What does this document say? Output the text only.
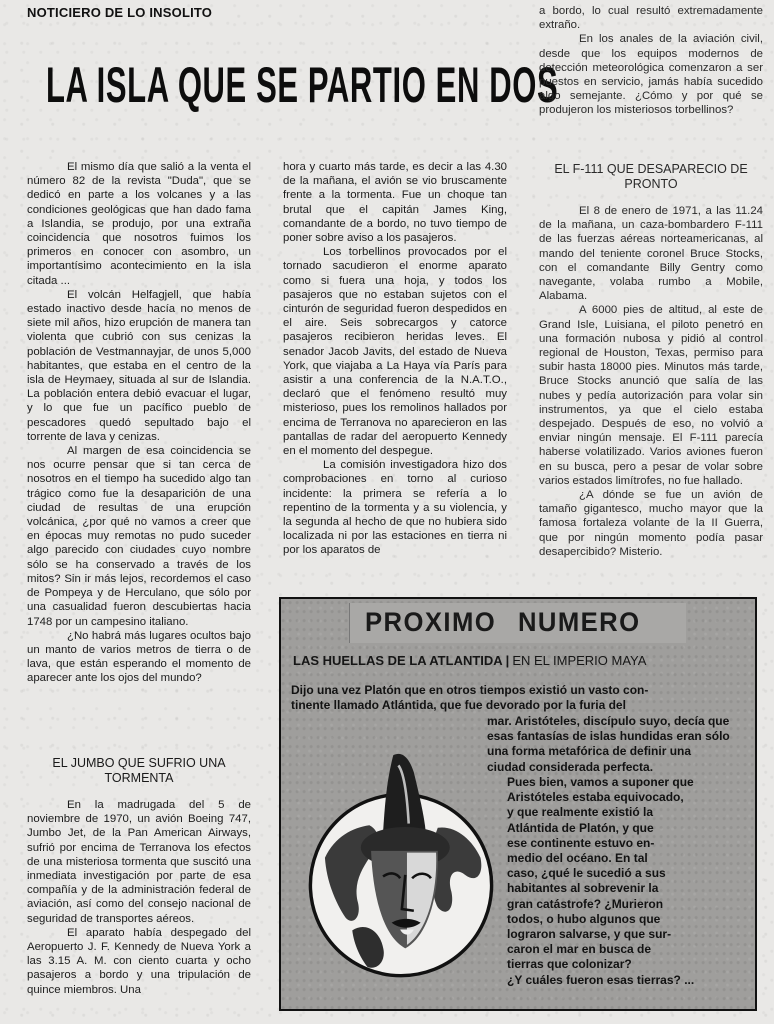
NOTICIERO DE LO INSOLITO
LA ISLA QUE SE PARTIO EN DOS

El mismo día que salió a la venta el número 82 de la revista "Duda", que se dedicó en parte a los volcanes y a las condiciones geológicas que han dado fama a Islandia, se produjo, por una extraña coincidencia que nosotros fuimos los primeros en conocer con asombro, un importantísimo acontecimiento en la isla citada ...

El volcán Helfagjell, que había estado inactivo desde hacía no menos de siete mil años, hizo erupción de manera tan violenta que cubrió con sus cenizas la población de Vestmannayjar, de unos 5,000 habitantes, que estaba en el centro de la isla de Heymaey, situada al sur de Islandia. La población entera debió evacuar el lugar, y lo que fue un pacífico pueblo de pescadores quedó sepultado bajo el torrente de lava y cenizas.

Al margen de esa coincidencia se nos ocurre pensar que si tan cerca de nosotros en el tiempo ha sucedido algo tan trágico como fue la desaparición de una ciudad de resultas de una erupción volcánica, ¿por qué no vamos a creer que en épocas muy remotas no pudo suceder algo parecido con ciudades cuyo nombre sólo se ha conservado a través de los mitos? Sin ir más lejos, recordemos el caso de Pompeya y de Herculano, que sólo por una casualidad fueron descubiertas hacia 1748 por un campesino italiano.

¿No habrá más lugares ocultos bajo un manto de varios metros de tierra o de lava, que están esperando el momento de aparecer ante los ojos del mundo?

EL JUMBO QUE SUFRIO UNA TORMENTA

En la madrugada del 5 de noviembre de 1970, un avión Boeing 747, Jumbo Jet, de la Pan American Airways, sufrió por encima de Terranova los efectos de una misteriosa tormenta que suscitó una inmediata investigación por parte de esa compañía y de la administración federal de aviación, así como del consejo nacional de seguridad de transportes aéreos.

El aparato había despegado del Aeropuerto J. F. Kennedy de Nueva York a las 3.15 A. M. con ciento cuarta y ocho pasajeros a bordo y una tripulación de quince miembros. Una

hora y cuarto más tarde, es decir a las 4.30 de la mañana, el avión se vio bruscamente frente a la tormenta. Fue un choque tan brutal que el capitán James King, comandante de a bordo, no tuvo tiempo de poner sobre aviso a los pasajeros.

Los torbellinos provocados por el tornado sacudieron el enorme aparato como si fuera una hoja, y todos los pasajeros que no estaban sujetos con el cinturón de seguridad fueron despedidos en el aire. Seis sobrecargos y catorce pasajeros recibieron heridas leves. El senador Jacob Javits, del estado de Nueva York, que viajaba a La Haya vía París para asistir a una conferencia de la N.A.T.O., declaró que el fenómeno resultó muy misterioso, pues los remolinos hallados por encima de Terranova no aparecieron en las pantallas de radar del aeropuerto Kennedy en el momento del despegue.

La comisión investigadora hizo dos comprobaciones en torno al curioso incidente: la primera se refería a lo repentino de la tormenta y a su violencia, y la segunda al hecho de que no hubiera sido localizada ni por las estaciones en tierra ni por los aparatos de

a bordo, lo cual resultó extremadamente extraño.

En los anales de la aviación civil, desde que los equipos modernos de detección meteorológica comenzaron a ser puestos en servicio, jamás había sucedido algo semejante. ¿Cómo y por qué se produjeron los misteriosos torbellinos?

EL F-111 QUE DESAPARECIO DE PRONTO

El 8 de enero de 1971, a las 11.24 de la mañana, un caza-bombardero F-111 de las fuerzas aéreas norteamericanas, al mando del teniente coronel Bruce Stocks, con el comandante Billy Gentry como navegante, volaba rumbo a Mobile, Alabama.

A 6000 pies de altitud, al este de Grand Isle, Luisiana, el piloto penetró en una formación nubosa y pidió al control regional de Houston, Texas, permiso para subir hasta 18000 pies. Minutos más tarde, Bruce Stocks anunció que salía de las nubes y pedía autorización para volar sin instrumentos, ya que el cielo estaba despejado. Después de eso, no volvió a enviar ningún mensaje. El F-111 parecía haberse volatilizado. Varios aviones fueron en su busca, pero a pesar de volar sobre varios estados limítrofes, no fue hallado.

¿A dónde se fue un avión de tamaño gigantesco, mucho mayor que la famosa fortaleza volante de la II Guerra, que por ningún momento podía pasar desapercibido? Misterio.

PROXIMO NUMERO
LAS HUELLAS DE LA ATLANTIDA | EN EL IMPERIO MAYA
Dijo una vez Platón que en otros tiempos existió un vasto con-
tinente llamado Atlántida, que fue devorado por la furia del
mar. Aristóteles, discípulo suyo, decía que
esas fantasías de islas hundidas eran sólo
una forma metafórica de definir una
ciudad considerada perfecta.
Pues bien, vamos a suponer que
Aristóteles estaba equivocado,
y que realmente existió la
Atlántida de Platón, y que
ese continente estuvo en-
medio del océano. En tal
caso, ¿qué le sucedió a sus
habitantes al sobrevenir la
gran catástrofe? ¿Murieron
todos, o hubo algunos que
lograron salvarse, y que sur-
caron el mar en busca de
tierras que colonizar?
¿Y cuáles fueron esas tierras? ...
